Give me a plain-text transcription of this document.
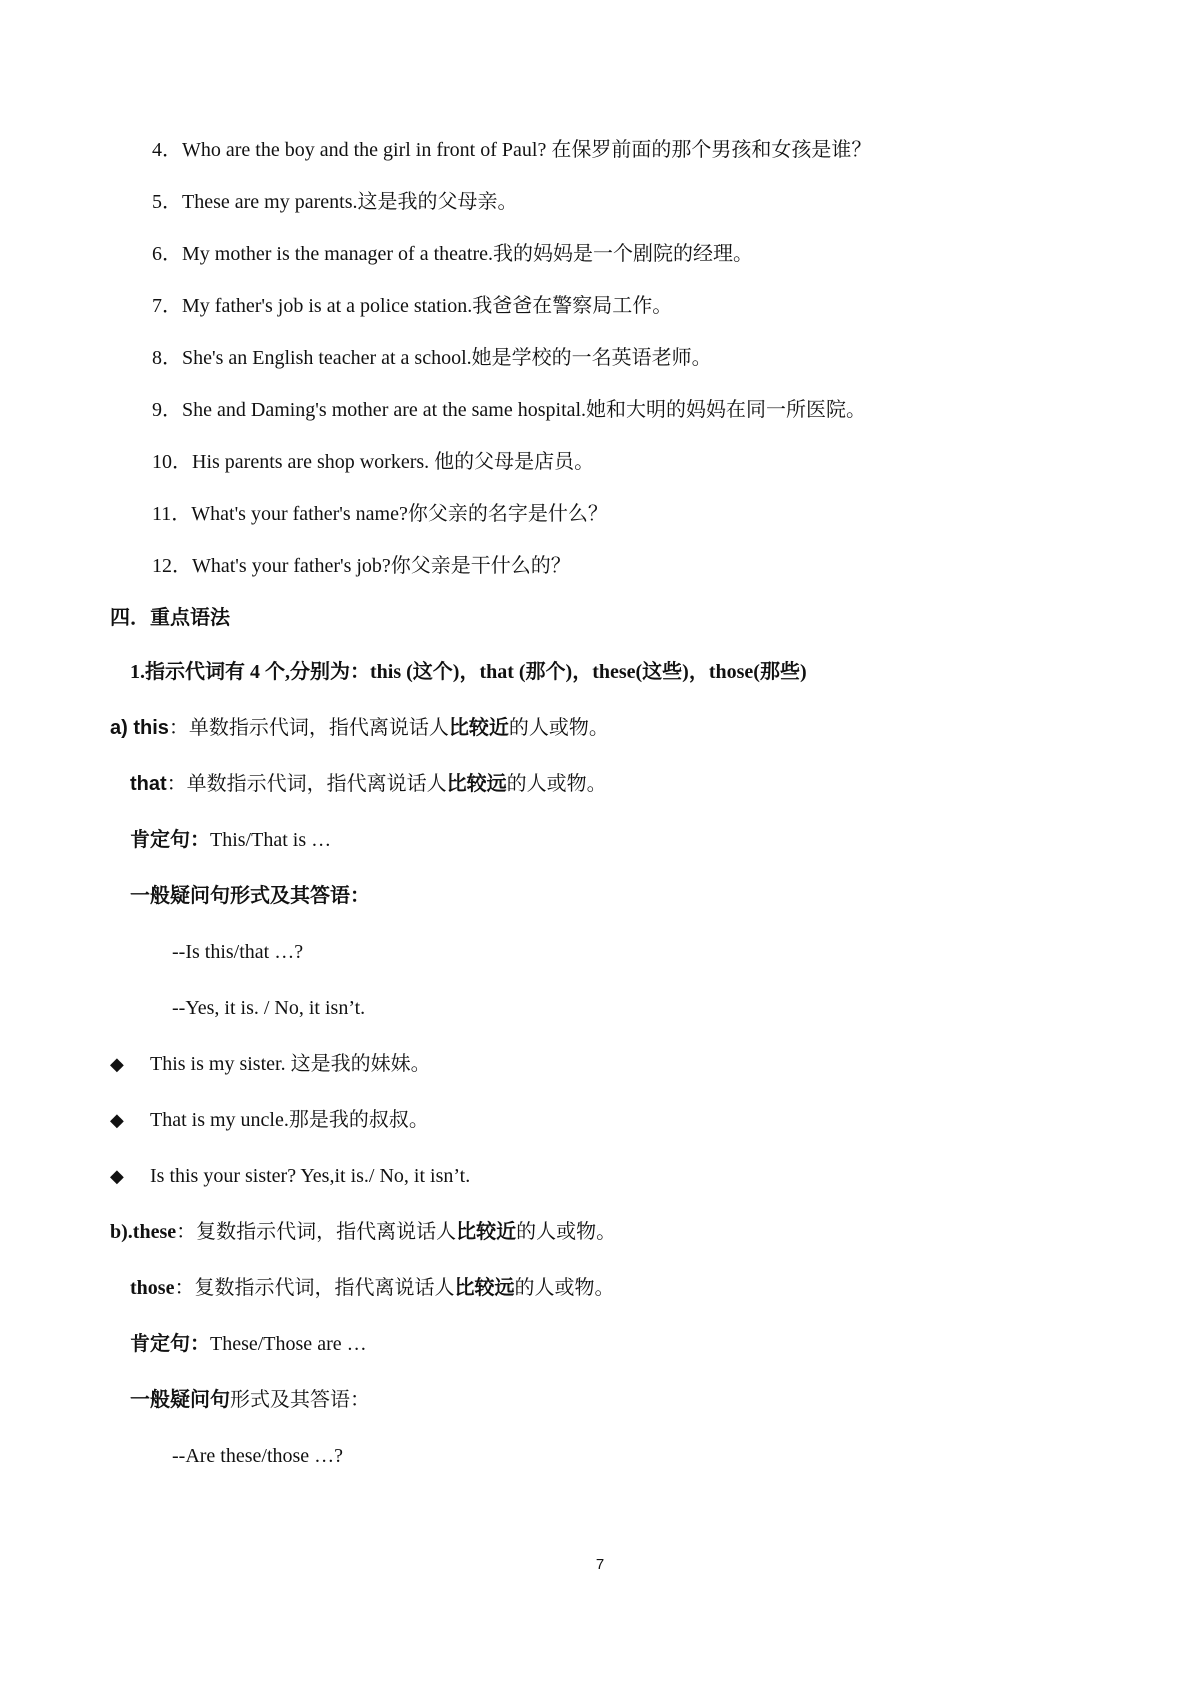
4．Who are the boy and the girl in front of Paul? 在保罗前面的那个男孩和女孩是谁？
5．These are my parents.这是我的父母亲。
6．My mother is the manager of a theatre.我的妈妈是一个剧院的经理。
7．My father's job is at a police station.我爸爸在警察局工作。
8．She's an English teacher at a school.她是学校的一名英语老师。
9．She and Daming's mother are at the same hospital.她和大明的妈妈在同一所医院。
10．His parents are shop workers. 他的父母是店员。
11．What's your father's name?你父亲的名字是什么？
12．What's your father's job?你父亲是干什么的？
四．重点语法
1.指示代词有 4 个,分别为：this (这个)，that (那个)，these(这些)，those(那些)
a) this：单数指示代词，指代离说话人比较近的人或物。
that：单数指示代词，指代离说话人比较远的人或物。
肯定句：This/That is …
一般疑问句形式及其答语：
--Is this/that …?
--Yes, it is. / No, it isn’t.
◆ This is my sister. 这是我的妹妹。
◆ That is my uncle.那是我的叔叔。
◆ Is this your sister? Yes,it is./ No, it isn’t.
b).these：复数指示代词，指代离说话人比较近的人或物。
those：复数指示代词，指代离说话人比较远的人或物。
肯定句：These/Those are …
一般疑问句形式及其答语：
--Are these/those …?
7
